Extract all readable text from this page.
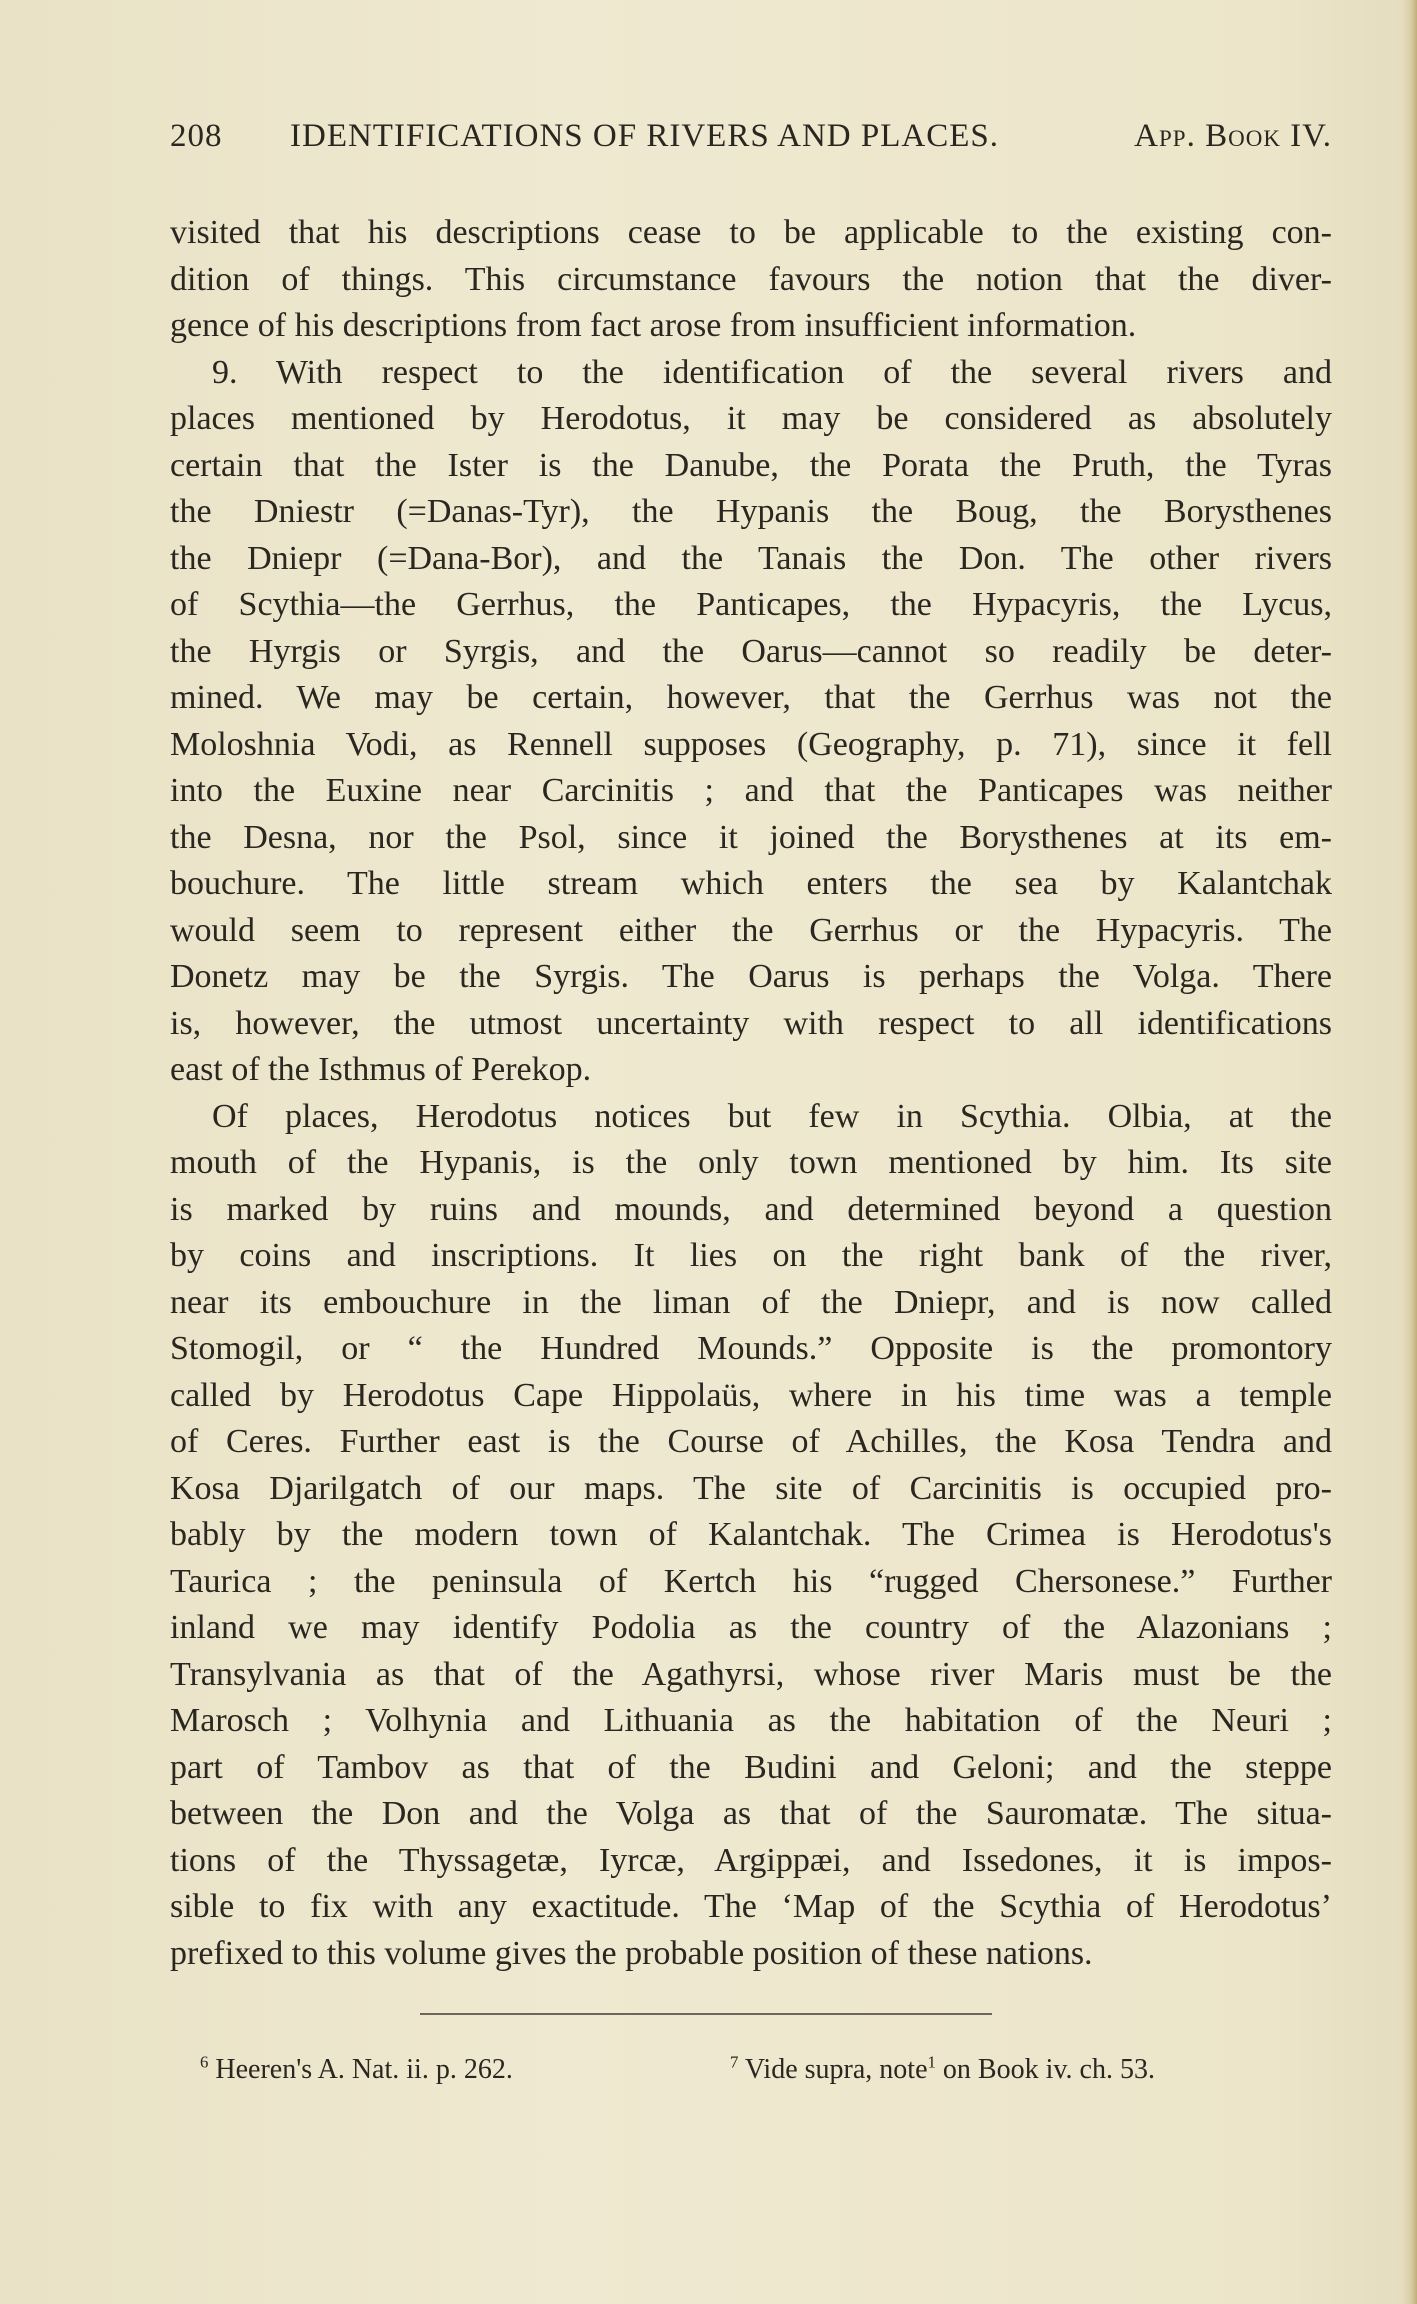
208 IDENTIFICATIONS OF RIVERS AND PLACES.	App. Book IV.
visited that his descriptions cease to be applicable to the existing con-
dition of things. This circumstance favours the notion that the diver-
gence of his descriptions from fact arose from insufficient information.
9. With respect to the identification of the several rivers and
places mentioned by Herodotus, it may be considered as absolutely
certain that the Ister is the Danube, the Porata the Pruth, the Tyras
the Dniestr (=Danas-Tyr), the Hypanis the Boug, the Borysthenes
the Dniepr (=Dana-Bor), and the Tanais the Don. The other rivers
of Scythia—the Gerrhus, the Panticapes, the Hypacyris, the Lycus,
the Hyrgis or Syrgis, and the Oarus—cannot so readily be deter-
mined. We may be certain, however, that the Gerrhus was not the
Moloshnia Vodi, as Rennell supposes (Geography, p. 71), since it fell
into the Euxine near Carcinitis ; and that the Panticapes was neither
the Desna, nor the Psol, since it joined the Borysthenes at its em-
bouchure. The little stream which enters the sea by Kalantchak
would seem to represent either the Gerrhus or the Hypacyris. The
Donetz may be the Syrgis. The Oarus is perhaps the Volga. There
is, however, the utmost uncertainty with respect to all identifications
east of the Isthmus of Perekop.
Of places, Herodotus notices but few in Scythia. Olbia, at the
mouth of the Hypanis, is the only town mentioned by him. Its site
is marked by ruins and mounds, and determined beyond a question
by coins and inscriptions. It lies on the right bank of the river,
near its embouchure in the liman of the Dniepr, and is now called
Stomogil, or “ the Hundred Mounds.” Opposite is the promontory
called by Herodotus Cape Hippolaüs, where in his time was a temple
of Ceres. Further east is the Course of Achilles, the Kosa Tendra and
Kosa Djarilgatch of our maps. The site of Carcinitis is occupied pro-
bably by the modern town of Kalantchak. The Crimea is Herodotus's
Taurica ; the peninsula of Kertch his “rugged Chersonese.” Further
inland we may identify Podolia as the country of the Alazonians ;
Transylvania as that of the Agathyrsi, whose river Maris must be the
Marosch ; Volhynia and Lithuania as the habitation of the Neuri ;
part of Tambov as that of the Budini and Geloni; and the steppe
between the Don and the Volga as that of the Sauromatæ. The situa-
tions of the Thyssagetæ, Iyrcæ, Argippæi, and Issedones, it is impos-
sible to fix with any exactitude. The ‘Map of the Scythia of Herodotus’
prefixed to this volume gives the probable position of these nations.
$^6$ Heeren's A. Nat. ii. p. 262.	$^7$ Vide supra, note$^1$ on Book iv. ch. 53.
